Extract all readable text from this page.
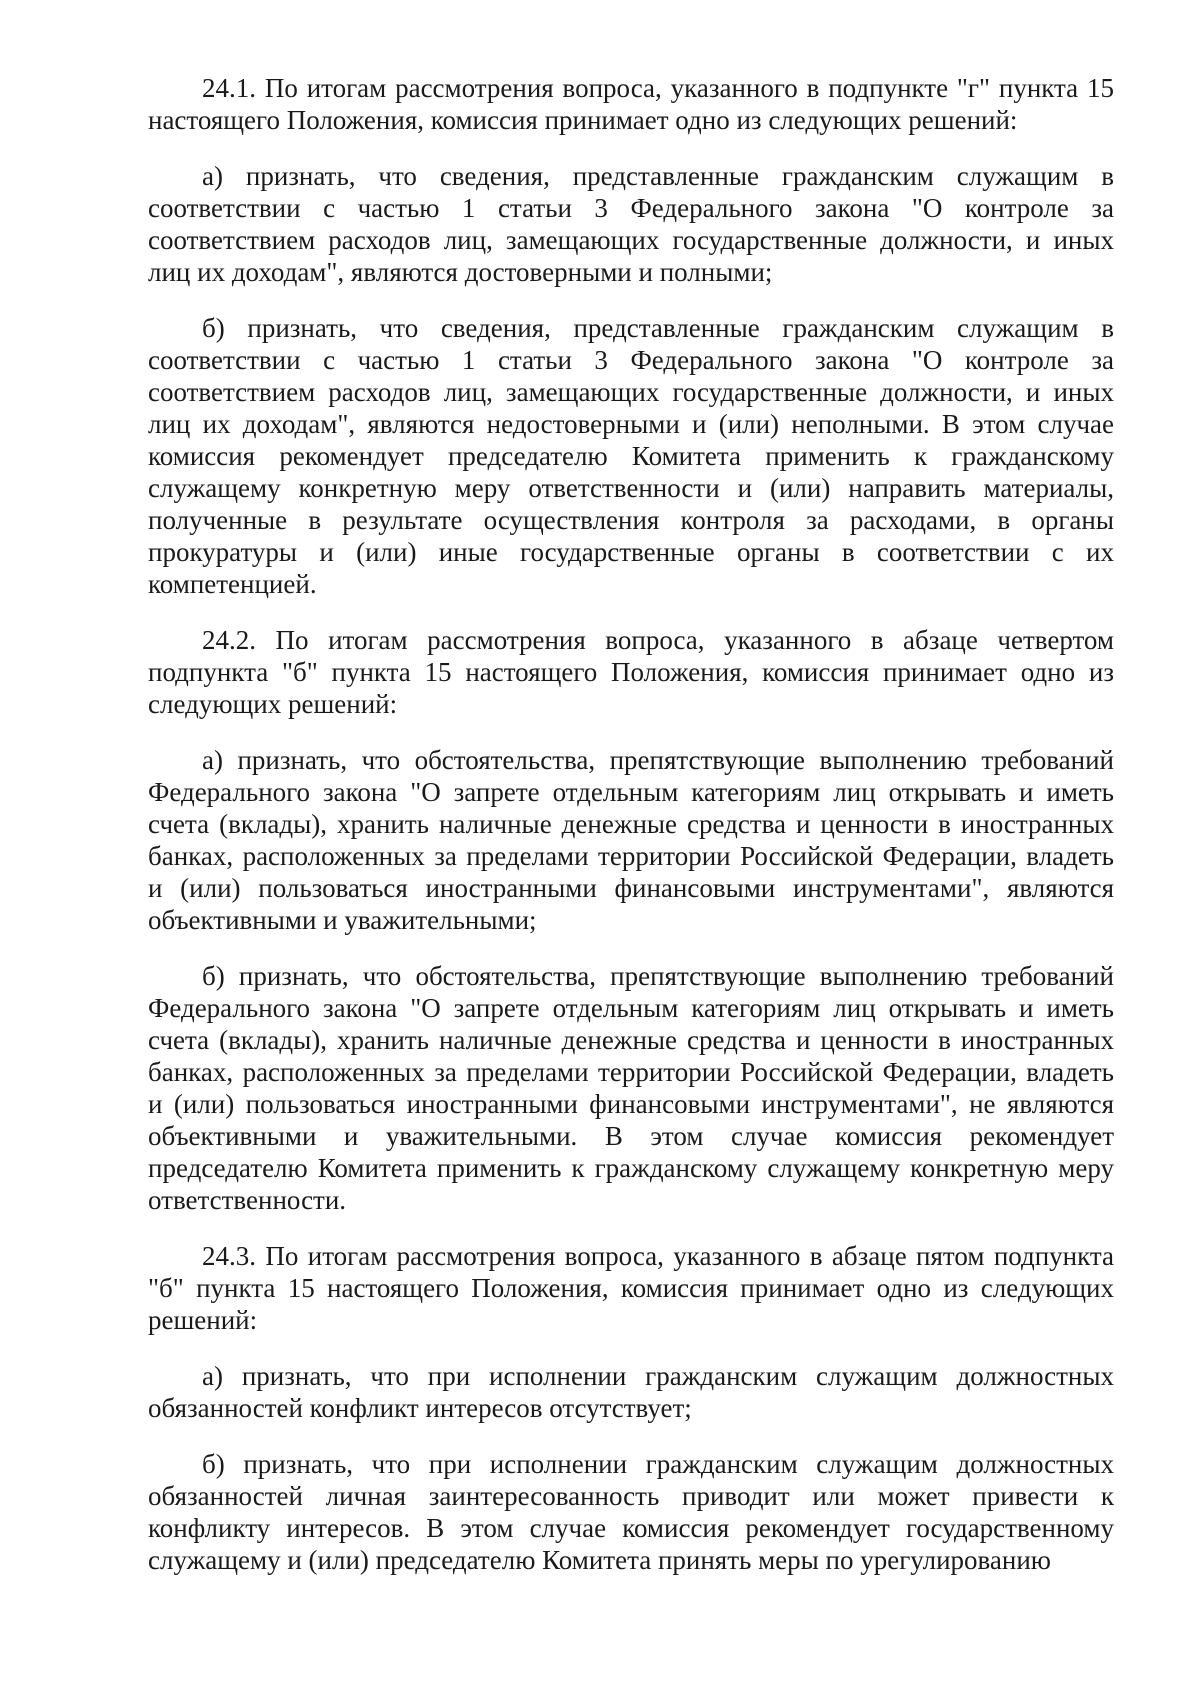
24.1. По итогам рассмотрения вопроса, указанного в подпункте "г" пункта 15 настоящего Положения, комиссия принимает одно из следующих решений:

а) признать, что сведения, представленные гражданским служащим в соответствии с частью 1 статьи 3 Федерального закона "О контроле за соответствием расходов лиц, замещающих государственные должности, и иных лиц их доходам", являются достоверными и полными;

б) признать, что сведения, представленные гражданским служащим в соответствии с частью 1 статьи 3 Федерального закона "О контроле за соответствием расходов лиц, замещающих государственные должности, и иных лиц их доходам", являются недостоверными и (или) неполными. В этом случае комиссия рекомендует председателю Комитета применить к гражданскому служащему конкретную меру ответственности и (или) направить материалы, полученные в результате осуществления контроля за расходами, в органы прокуратуры и (или) иные государственные органы в соответствии с их компетенцией.

24.2. По итогам рассмотрения вопроса, указанного в абзаце четвертом подпункта "б" пункта 15 настоящего Положения, комиссия принимает одно из следующих решений:

а) признать, что обстоятельства, препятствующие выполнению требований Федерального закона "О запрете отдельным категориям лиц открывать и иметь счета (вклады), хранить наличные денежные средства и ценности в иностранных банках, расположенных за пределами территории Российской Федерации, владеть и (или) пользоваться иностранными финансовыми инструментами", являются объективными и уважительными;

б) признать, что обстоятельства, препятствующие выполнению требований Федерального закона "О запрете отдельным категориям лиц открывать и иметь счета (вклады), хранить наличные денежные средства и ценности в иностранных банках, расположенных за пределами территории Российской Федерации, владеть и (или) пользоваться иностранными финансовыми инструментами", не являются объективными и уважительными. В этом случае комиссия рекомендует председателю Комитета применить к гражданскому служащему конкретную меру ответственности.

24.3. По итогам рассмотрения вопроса, указанного в абзаце пятом подпункта "б" пункта 15 настоящего Положения, комиссия принимает одно из следующих решений:

а) признать, что при исполнении гражданским служащим должностных обязанностей конфликт интересов отсутствует;

б) признать, что при исполнении гражданским служащим должностных обязанностей личная заинтересованность приводит или может привести к конфликту интересов. В этом случае комиссия рекомендует государственному служащему и (или) председателю Комитета принять меры по урегулированию
